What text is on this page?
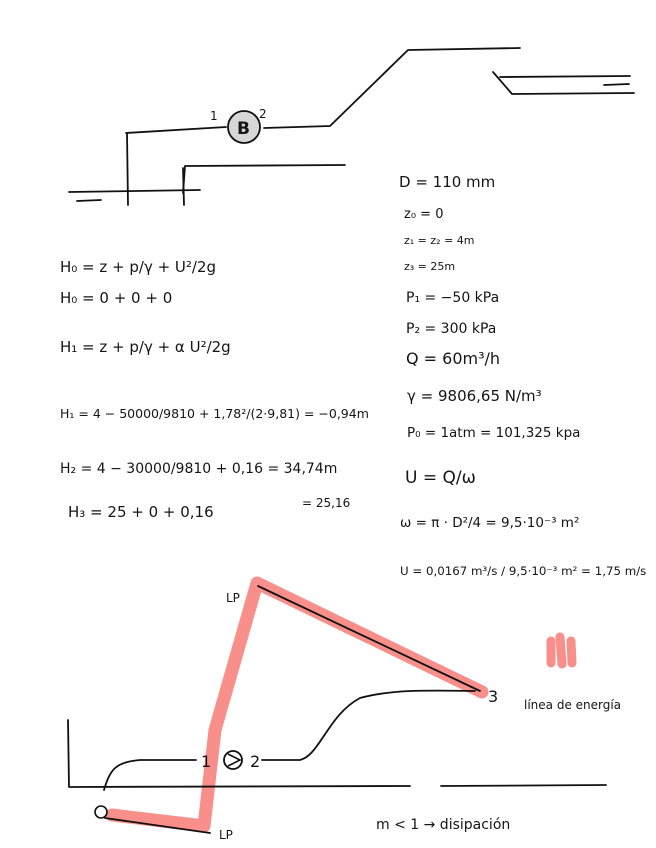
B
1	2
H₀ = z + p/γ + U²/2g
H₀ = 0 + 0 + 0
H₁ = z + p/γ + α U²/2g
H₁ = 4 − 50000/9810 + 1,78²/(2·9,81) = −0,94m
H₂ = 4 − 30000/9810 + 0,16 = 34,74m
H₃ = 25 + 0 + 0,16	= 25,16
D = 110 mm
z₀ = 0
z₁ = z₂ = 4m
z₃ = 25m
P₁ = −50 kPa
P₂ = 300 kPa
Q = 60m³/h
γ = 9806,65 N/m³
P₀ = 1atm = 101,325 kpa
U = Q/ω
ω = π · D²/4 = 9,5·10⁻³ m²
U = 0,0167 m³/s / 9,5·10⁻³ m² = 1,75 m/s
LP
LP
3
1 2
línea de energía
m < 1 → disipación
